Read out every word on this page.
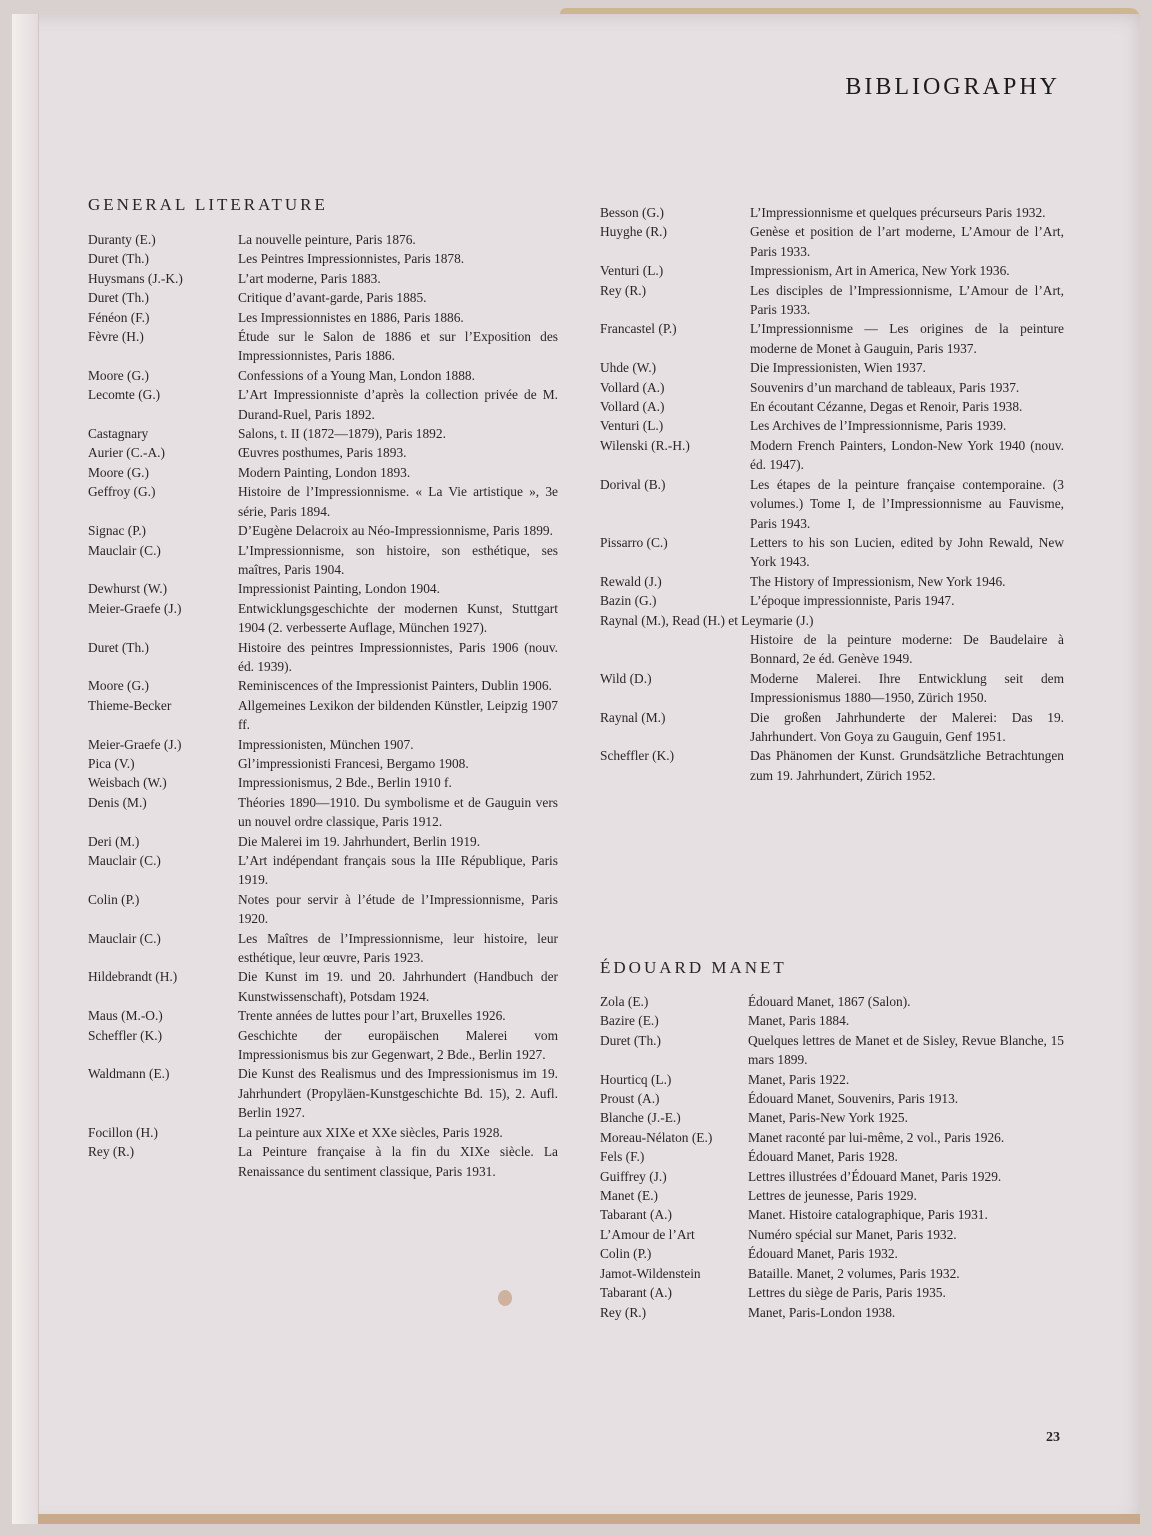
BIBLIOGRAPHY
GENERAL LITERATURE
Duranty (E.)	La nouvelle peinture, Paris 1876.
Duret (Th.)	Les Peintres Impressionnistes, Paris 1878.
Huysmans (J.-K.)	L’art moderne, Paris 1883.
Duret (Th.)	Critique d’avant-garde, Paris 1885.
Fénéon (F.)	Les Impressionnistes en 1886, Paris 1886.
Fèvre (H.)	Étude sur le Salon de 1886 et sur l’Exposition des Impressionnistes, Paris 1886.
Moore (G.)	Confessions of a Young Man, London 1888.
Lecomte (G.)	L’Art Impressionniste d’après la collection privée de M. Durand-Ruel, Paris 1892.
Castagnary	Salons, t. II (1872—1879), Paris 1892.
Aurier (C.-A.)	Œuvres posthumes, Paris 1893.
Moore (G.)	Modern Painting, London 1893.
Geffroy (G.)	Histoire de l’Impressionnisme. « La Vie artistique », 3e série, Paris 1894.
Signac (P.)	D’Eugène Delacroix au Néo-Impressionnisme, Paris 1899.
Mauclair (C.)	L’Impressionnisme, son histoire, son esthétique, ses maîtres, Paris 1904.
Dewhurst (W.)	Impressionist Painting, London 1904.
Meier-Graefe (J.)	Entwicklungsgeschichte der modernen Kunst, Stuttgart 1904 (2. verbesserte Auflage, München 1927).
Duret (Th.)	Histoire des peintres Impressionnistes, Paris 1906 (nouv. éd. 1939).
Moore (G.)	Reminiscences of the Impressionist Painters, Dublin 1906.
Thieme-Becker	Allgemeines Lexikon der bildenden Künstler, Leipzig 1907 ff.
Meier-Graefe (J.)	Impressionisten, München 1907.
Pica (V.)	Gl’impressionisti Francesi, Bergamo 1908.
Weisbach (W.)	Impressionismus, 2 Bde., Berlin 1910 f.
Denis (M.)	Théories 1890—1910. Du symbolisme et de Gauguin vers un nouvel ordre classique, Paris 1912.
Deri (M.)	Die Malerei im 19. Jahrhundert, Berlin 1919.
Mauclair (C.)	L’Art indépendant français sous la IIIe République, Paris 1919.
Colin (P.)	Notes pour servir à l’étude de l’Impressionnisme, Paris 1920.
Mauclair (C.)	Les Maîtres de l’Impressionnisme, leur histoire, leur esthétique, leur œuvre, Paris 1923.
Hildebrandt (H.)	Die Kunst im 19. und 20. Jahrhundert (Handbuch der Kunstwissenschaft), Potsdam 1924.
Maus (M.-O.)	Trente années de luttes pour l’art, Bruxelles 1926.
Scheffler (K.)	Geschichte der europäischen Malerei vom Impressionismus bis zur Gegenwart, 2 Bde., Berlin 1927.
Waldmann (E.)	Die Kunst des Realismus und des Impressionismus im 19. Jahrhundert (Propyläen-Kunstgeschichte Bd. 15), 2. Aufl. Berlin 1927.
Focillon (H.)	La peinture aux XIXe et XXe siècles, Paris 1928.
Rey (R.)	La Peinture française à la fin du XIXe siècle. La Renaissance du sentiment classique, Paris 1931.
Besson (G.)	L’Impressionnisme et quelques précurseurs Paris 1932.
Huyghe (R.)	Genèse et position de l’art moderne, L’Amour de l’Art, Paris 1933.
Venturi (L.)	Impressionism, Art in America, New York 1936.
Rey (R.)	Les disciples de l’Impressionnisme, L’Amour de l’Art, Paris 1933.
Francastel (P.)	L’Impressionnisme — Les origines de la peinture moderne de Monet à Gauguin, Paris 1937.
Uhde (W.)	Die Impressionisten, Wien 1937.
Vollard (A.)	Souvenirs d’un marchand de tableaux, Paris 1937.
Vollard (A.)	En écoutant Cézanne, Degas et Renoir, Paris 1938.
Venturi (L.)	Les Archives de l’Impressionnisme, Paris 1939.
Wilenski (R.-H.)	Modern French Painters, London-New York 1940 (nouv. éd. 1947).
Dorival (B.)	Les étapes de la peinture française contemporaine. (3 volumes.) Tome I, de l’Impressionnisme au Fauvisme, Paris 1943.
Pissarro (C.)	Letters to his son Lucien, edited by John Rewald, New York 1943.
Rewald (J.)	The History of Impressionism, New York 1946.
Bazin (G.)	L’époque impressionniste, Paris 1947.
Raynal (M.), Read (H.) et Leymarie (J.)
Histoire de la peinture moderne: De Baudelaire à Bonnard, 2e éd. Genève 1949.
Wild (D.)	Moderne Malerei. Ihre Entwicklung seit dem Impressionismus 1880—1950, Zürich 1950.
Raynal (M.)	Die großen Jahrhunderte der Malerei: Das 19. Jahrhundert. Von Goya zu Gauguin, Genf 1951.
Scheffler (K.)	Das Phänomen der Kunst. Grundsätzliche Betrachtungen zum 19. Jahrhundert, Zürich 1952.
ÉDOUARD MANET
Zola (E.)	Édouard Manet, 1867 (Salon).
Bazire (E.)	Manet, Paris 1884.
Duret (Th.)	Quelques lettres de Manet et de Sisley, Revue Blanche, 15 mars 1899.
Hourticq (L.)	Manet, Paris 1922.
Proust (A.)	Édouard Manet, Souvenirs, Paris 1913.
Blanche (J.-E.)	Manet, Paris-New York 1925.
Moreau-Nélaton (E.)	Manet raconté par lui-même, 2 vol., Paris 1926.
Fels (F.)	Édouard Manet, Paris 1928.
Guiffrey (J.)	Lettres illustrées d’Édouard Manet, Paris 1929.
Manet (E.)	Lettres de jeunesse, Paris 1929.
Tabarant (A.)	Manet. Histoire catalographique, Paris 1931.
L’Amour de l’Art	Numéro spécial sur Manet, Paris 1932.
Colin (P.)	Édouard Manet, Paris 1932.
Jamot-Wildenstein	Bataille. Manet, 2 volumes, Paris 1932.
Tabarant (A.)	Lettres du siège de Paris, Paris 1935.
Rey (R.)	Manet, Paris-London 1938.
23
